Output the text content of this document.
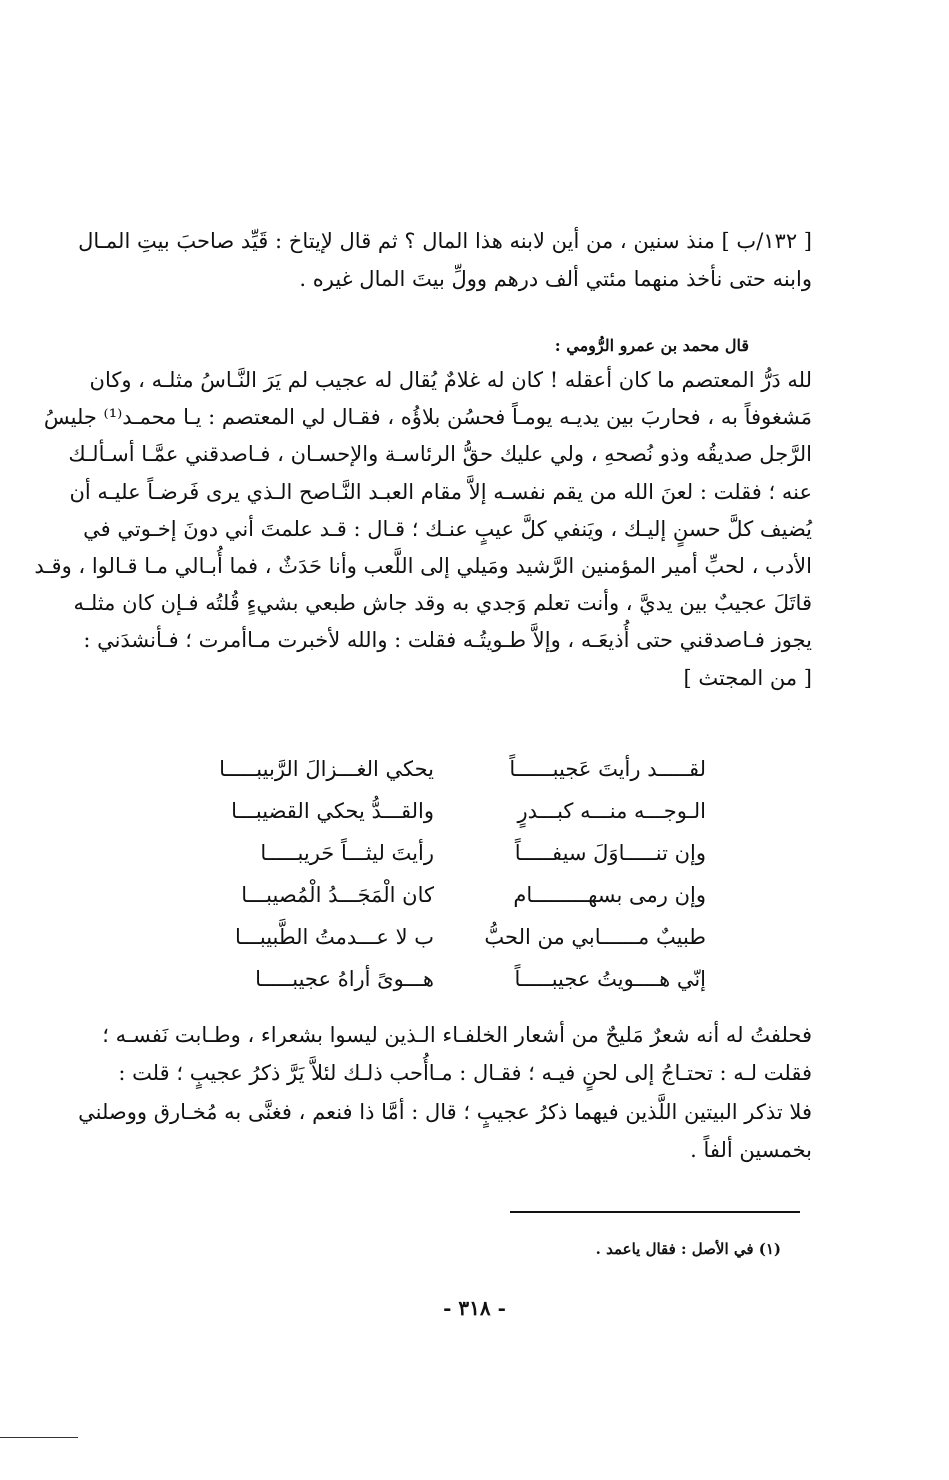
[ ١٣٢/ب ] منذ سنين ، من أين لابنه هذا المال ؟ ثم قال لإيتاخ : قَيِّد صاحبَ بيتِ المـال
وابنه حتى نأخذ منهما مئتي ألف درهم وولِّ بيتَ المال غيره .
قال محمد بن عمرو الرُّومي :
لله دَرُّ المعتصم ما كان أعقله ! كان له غلامٌ يُقال له عجيب لم يَرَ النَّـاسُ مثلـه ، وكان
مَشغوفاً به ، فحاربَ بين يديـه يومـاً فحسُن بلاؤُه ، فقـال لي المعتصم : يـا محمـد⁽¹⁾ جليسُ
الرَّجل صديقُه وذو نُصحهِ ، ولي عليك حقُّ الرئاسـة والإحسـان ، فـاصدقني عمَّـا أسـألـك
عنه ؛ فقلت : لعنَ الله من يقم نفسـه إلاَّ مقام العبـد النَّـاصح الـذي يرى فَرضـاً عليـه أن
يُضيف كلَّ حسنٍ إليـك ، ويَنفي كلَّ عيبٍ عنـك ؛ قـال : قـد علمتَ أني دونَ إخـوتي في
الأدب ، لحبِّ أمير المؤمنين الرَّشيد ومَيلي إلى اللَّعب وأنا حَدَثٌ ، فما أُبـالي مـا قـالوا ، وقـد
قاتَلَ عجيبٌ بين يديَّ ، وأنت تعلم وَجدي به وقد جاش طبعي بشيءٍ قُلتُه فـإن كان مثلـه
يجوز فـاصدقني حتى أُذيعَـه ، وإلاَّ طـويتُـه فقلت : والله لأخبرت مـاأمرت ؛ فـأنشدَني :
[ من المجتث ]
لقـــــد رأيتَ عَجيبــــــاً
يحكي الغـــزالَ الرَّبيبـــــا
الـوجـــه منـــه كبـــدرٍ
والقـــدُّ يحكي القضيبـــا
وإن تنـــــاوَلَ سيفـــــاً
رأيتَ ليثـــاً حَريبـــــا
وإن رمى بسهـــــــــام
كان الْمَجَـــدُ الْمُصيبـــا
طبيبٌ مــــــابي من الحبُّ
ب لا عـــدمتُ الطَّبيبـــا
إنّي هــــويتُ عجيبـــــاً
هـــوىً أراهُ عجيبـــــا
فحلفتُ له أنه شعرٌ مَليحٌ من أشعار الخلفـاء الـذين ليسوا بشعراء ، وطـابت نَفسـه ؛
فقلت لـه : تحتـاجُ إلى لحنٍ فيـه ؛ فقـال : مـاأُحب ذلـك لئلاَّ يَرَّ ذكرُ عجيبٍ ؛ قلت :
فلا تذكر البيتين اللَّذين فيهما ذكرُ عجيبٍ ؛ قال : أمَّا ذا فنعم ، فغنَّى به مُخـارق ووصلني
بخمسين ألفاً .
(١) في الأصل : فقال ياعمد .
- ٣١٨ -
